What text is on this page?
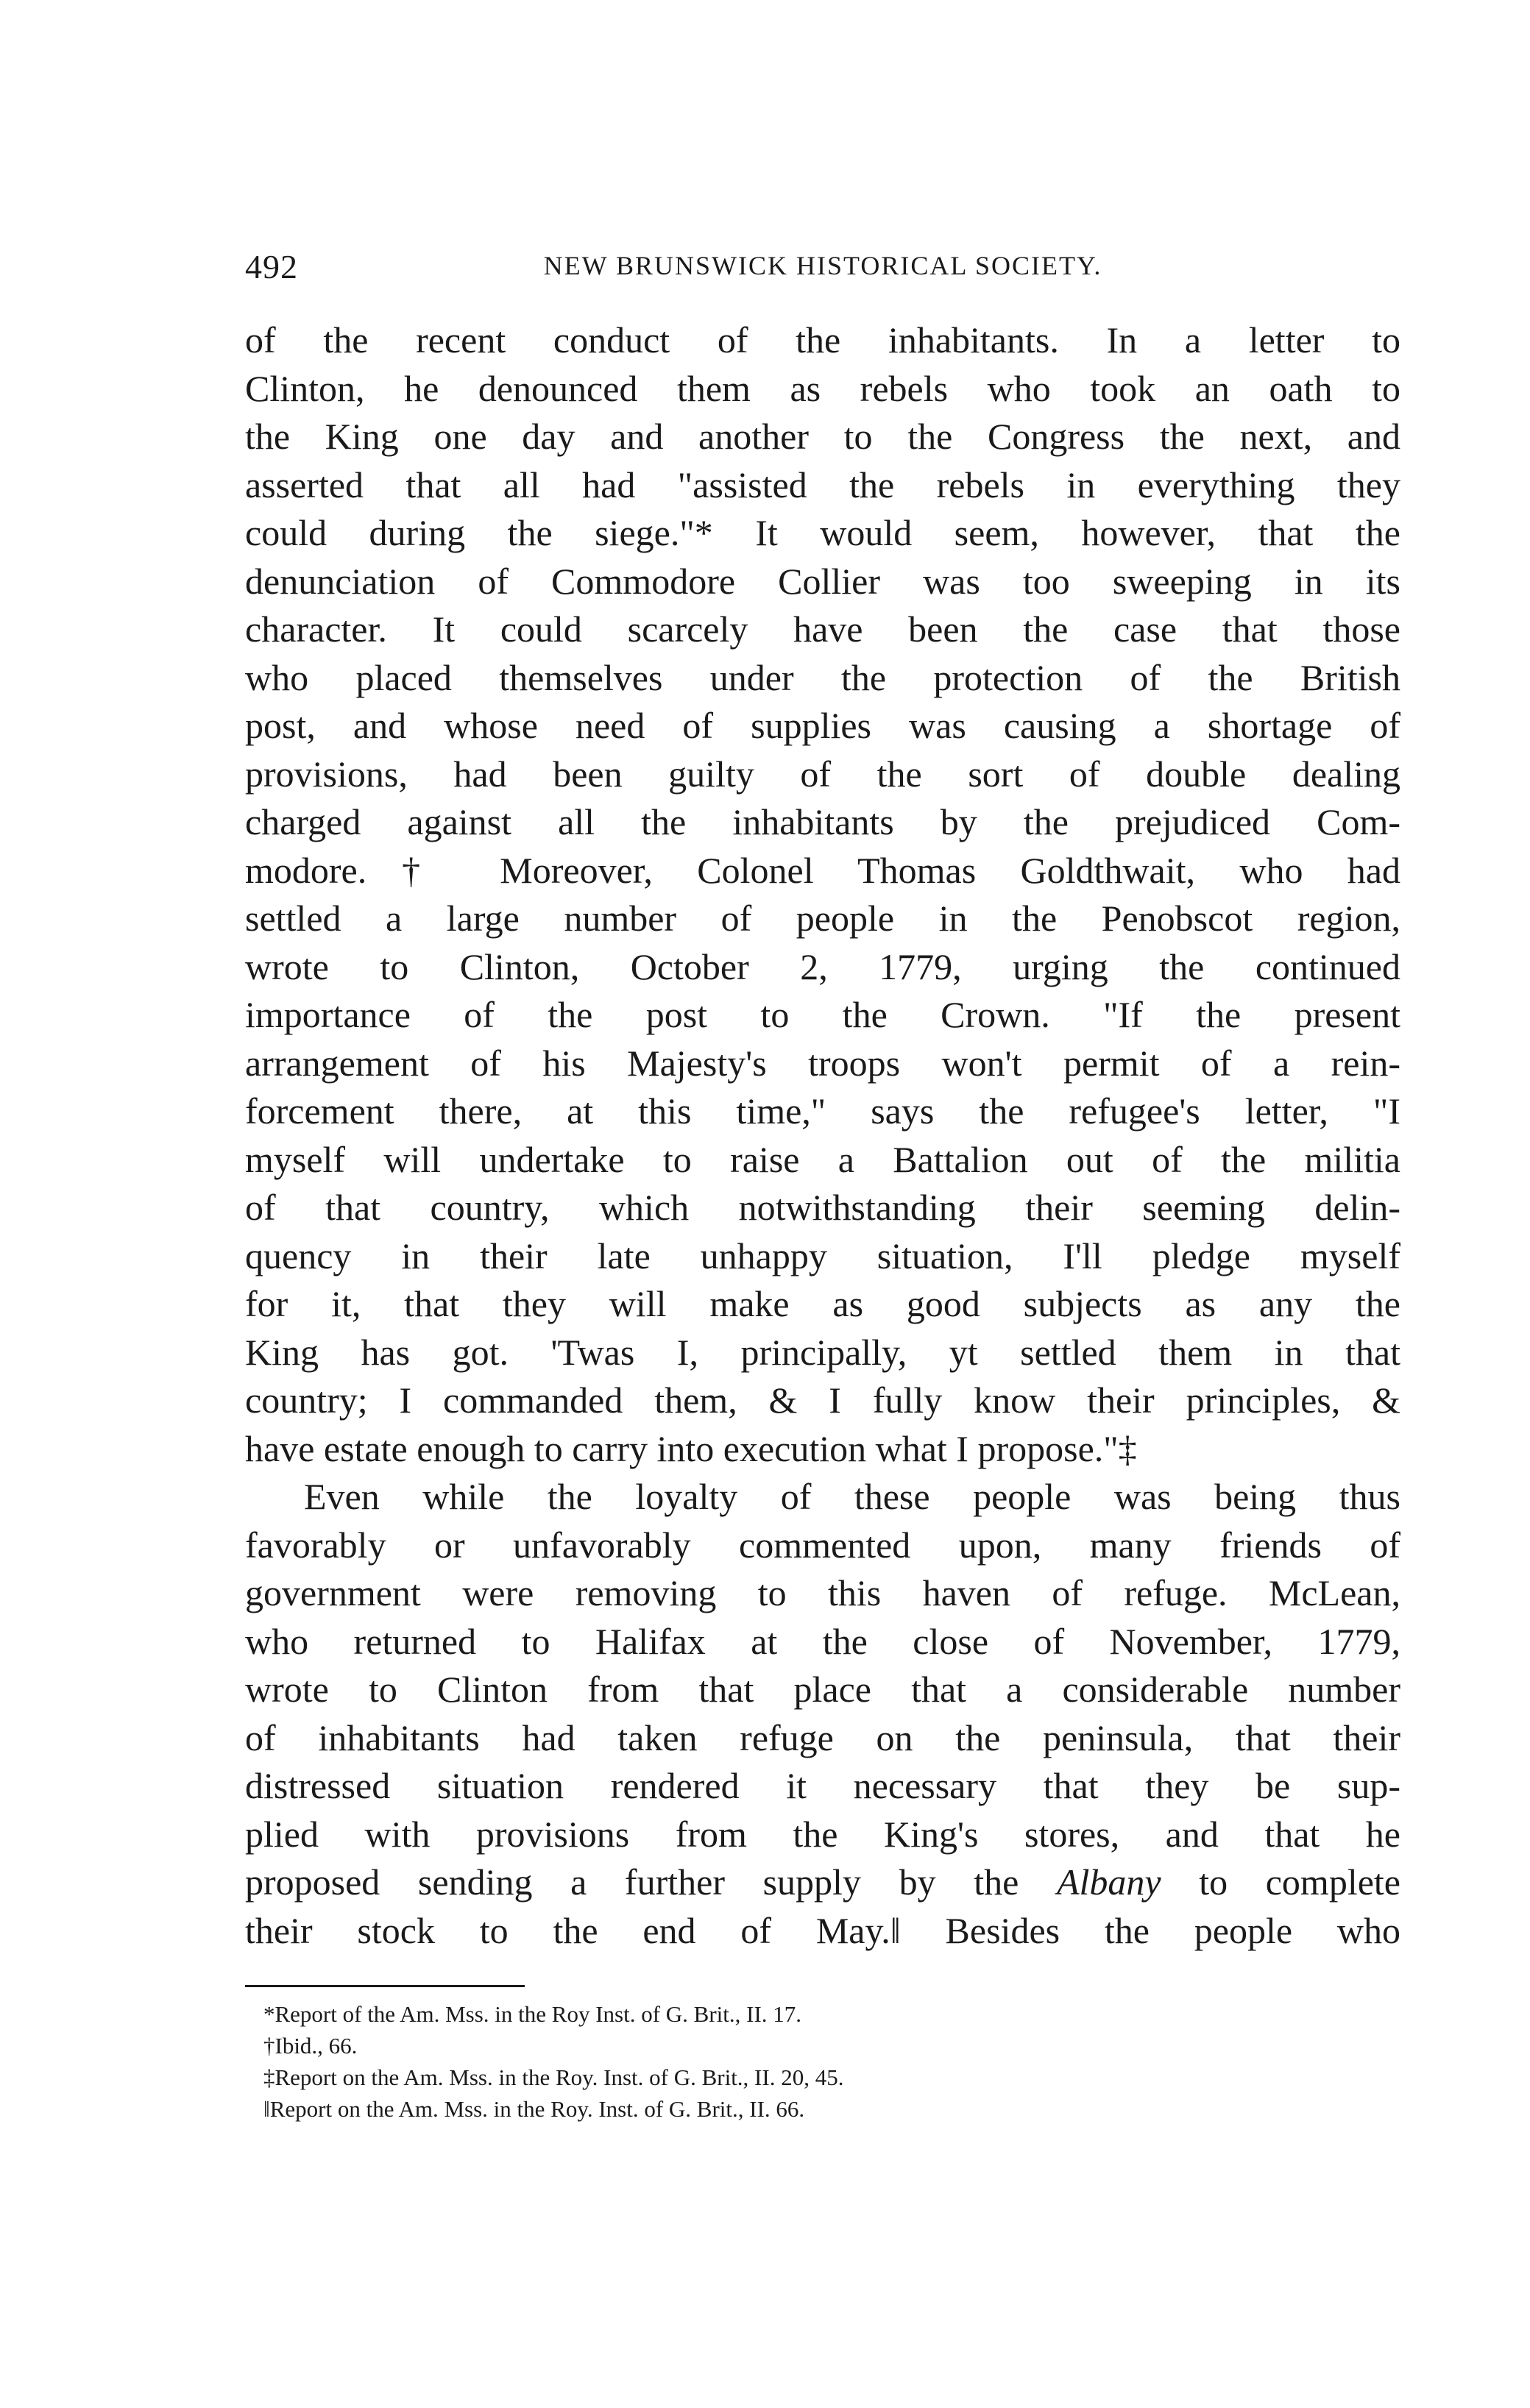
492	NEW BRUNSWICK HISTORICAL SOCIETY.
of the recent conduct of the inhabitants. In a letter to
Clinton, he denounced them as rebels who took an oath to
the King one day and another to the Congress the next, and
asserted that all had "assisted the rebels in everything they
could during the siege."* It would seem, however, that the
denunciation of Commodore Collier was too sweeping in its
character. It could scarcely have been the case that those
who placed themselves under the protection of the British
post, and whose need of supplies was causing a shortage of
provisions, had been guilty of the sort of double dealing
charged against all the inhabitants by the prejudiced Com-
modore.† Moreover, Colonel Thomas Goldthwait, who had
settled a large number of people in the Penobscot region,
wrote to Clinton, October 2, 1779, urging the continued
importance of the post to the Crown. "If the present
arrangement of his Majesty's troops won't permit of a rein-
forcement there, at this time," says the refugee's letter, "I
myself will undertake to raise a Battalion out of the militia
of that country, which notwithstanding their seeming delin-
quency in their late unhappy situation, I'll pledge myself
for it, that they will make as good subjects as any the
King has got. 'Twas I, principally, yt settled them in that
country; I commanded them, & I fully know their principles, &
have estate enough to carry into execution what I propose."‡
Even while the loyalty of these people was being thus
favorably or unfavorably commented upon, many friends of
government were removing to this haven of refuge. McLean,
who returned to Halifax at the close of November, 1779,
wrote to Clinton from that place that a considerable number
of inhabitants had taken refuge on the peninsula, that their
distressed situation rendered it necessary that they be sup-
plied with provisions from the King's stores, and that he
proposed sending a further supply by the Albany to complete
their stock to the end of May.‖ Besides the people who
*Report of the Am. Mss. in the Roy Inst. of G. Brit., II. 17.
†Ibid., 66.
‡Report on the Am. Mss. in the Roy. Inst. of G. Brit., II. 20, 45.
‖Report on the Am. Mss. in the Roy. Inst. of G. Brit., II. 66.
